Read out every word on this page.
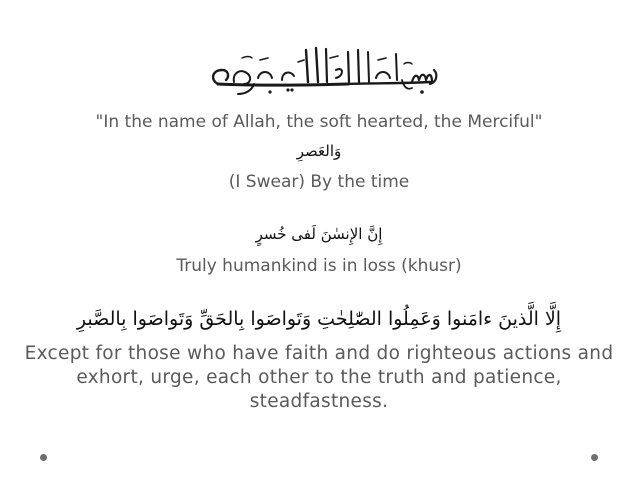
"In the name of Allah, the soft hearted, the Merciful"
وَالعَصرِ
(I Swear) By the time
إِنَّ الإِنسٰنَ لَفى خُسرٍ
Truly humankind is in loss (khusr)
إِلَّا الَّذينَ ءامَنوا وَعَمِلُوا الصّٰلِحٰتِ وَتَواصَوا بِالحَقِّ وَتَواصَوا بِالصَّبرِ
Except for those who have faith and do righteous actions and exhort, urge, each other to the truth and patience, steadfastness.
